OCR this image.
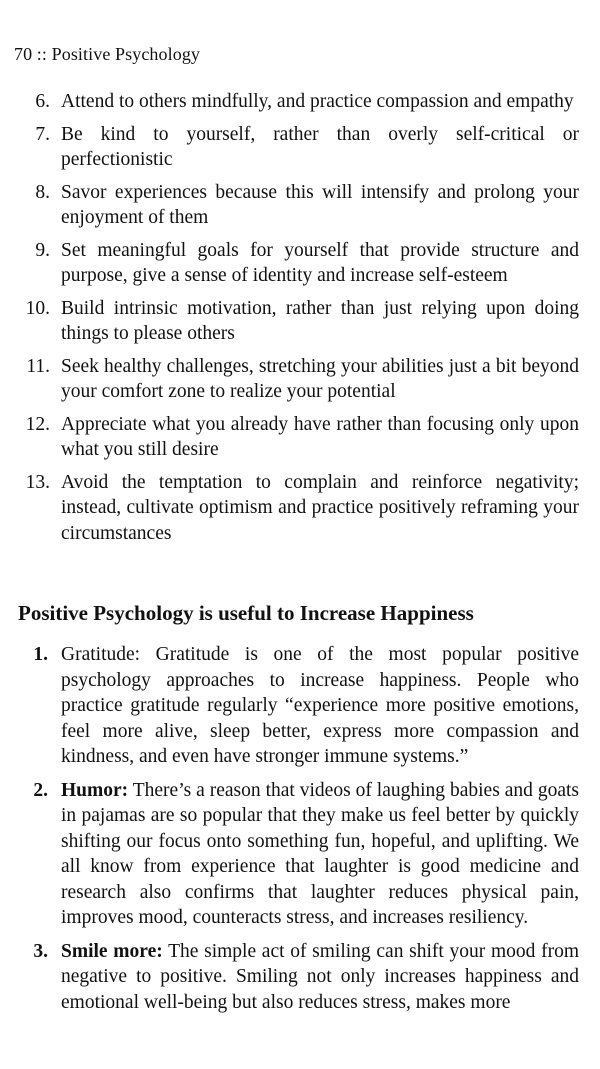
70 :: Positive Psychology
6. Attend to others mindfully, and practice compassion and empathy
7. Be kind to yourself, rather than overly self-critical or perfectionistic
8. Savor experiences because this will intensify and prolong your enjoyment of them
9. Set meaningful goals for yourself that provide structure and purpose, give a sense of identity and increase self-esteem
10. Build intrinsic motivation, rather than just relying upon doing things to please others
11. Seek healthy challenges, stretching your abilities just a bit beyond your comfort zone to realize your potential
12. Appreciate what you already have rather than focusing only upon what you still desire
13. Avoid the temptation to complain and reinforce negativity; instead, cultivate optimism and practice positively reframing your circumstances
Positive Psychology is useful to Increase Happiness
1. Gratitude: Gratitude is one of the most popular positive psychology approaches to increase happiness. People who practice gratitude regularly “experience more positive emotions, feel more alive, sleep better, express more compassion and kindness, and even have stronger immune systems.”
2. Humor: There’s a reason that videos of laughing babies and goats in pajamas are so popular that they make us feel better by quickly shifting our focus onto something fun, hopeful, and uplifting. We all know from experience that laughter is good medicine and research also confirms that laughter reduces physical pain, improves mood, counteracts stress, and increases resiliency.
3. Smile more: The simple act of smiling can shift your mood from negative to positive. Smiling not only increases happiness and emotional well-being but also reduces stress, makes more
